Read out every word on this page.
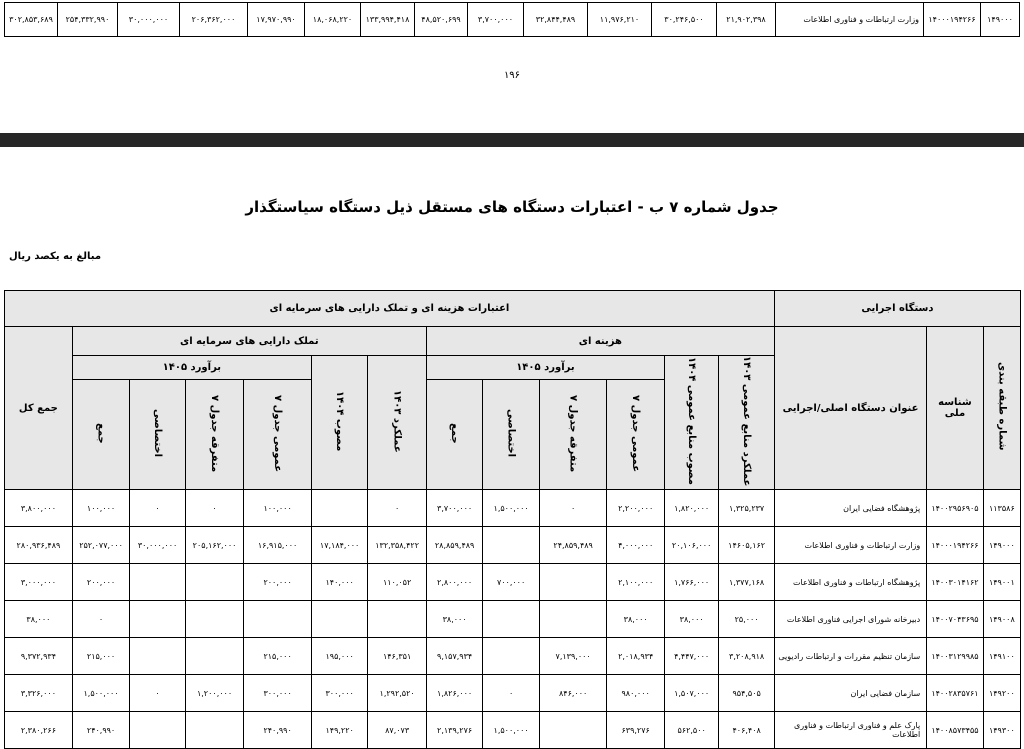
۱۴۹۰۰۰	۱۴۰۰۰۱۹۴۲۶۶	وزارت ارتباطات و فناوری اطلاعات	۲۱,۹۰۲,۳۹۸	۳۰,۲۴۶,۵۰۰	۱۱,۹۷۶,۲۱۰	۳۲,۸۴۴,۴۸۹	۳,۷۰۰,۰۰۰	۴۸,۵۲۰,۶۹۹	۱۳۳,۹۹۴,۴۱۸	۱۸,۰۶۸,۲۲۰	۱۷,۹۷۰,۹۹۰	۲۰۶,۳۶۲,۰۰۰	۳۰,۰۰۰,۰۰۰	۲۵۴,۳۳۲,۹۹۰	۳۰۲,۸۵۳,۶۸۹
۱۹۶
جدول شماره ۷ ب - اعتبارات دستگاه های مستقل ذیل دستگاه سیاستگذار
مبالغ به یکصد ریال
دستگاه اجرایی			اعتبارات هزینه ای و تملک دارایی های سرمایه ای												
شماره طبقه بندی	شناسه ملی	عنوان دستگاه اصلی/اجرایی	هزینه ای						تملک دارایی های سرمایه ای						جمع کل
			عملکرد منابع عمومی ۱۴۰۳	مصوب منابع عمومی ۱۴۰۴	برآورد ۱۴۰۵				عملکرد ۱۴۰۳	مصوب ۱۴۰۴	برآورد ۱۴۰۵				
					عمومی جدول ۷	متفرقه جدول ۷	اختصاصی	جمع			عمومی جدول ۷	متفرقه جدول ۷	اختصاصی	جمع	
۱۱۳۵۸۶	۱۴۰۰۲۹۵۶۹۰۵	پژوهشگاه فضایی ایران	۱,۳۲۵,۲۳۷	۱,۸۲۰,۰۰۰	۲,۲۰۰,۰۰۰	۰	۱,۵۰۰,۰۰۰	۳,۷۰۰,۰۰۰	۰		۱۰۰,۰۰۰	۰	۰	۱۰۰,۰۰۰	۳,۸۰۰,۰۰۰
۱۴۹۰۰۰	۱۴۰۰۰۱۹۴۲۶۶	وزارت ارتباطات و فناوری اطلاعات	۱۴۶۰۵,۱۶۲	۲۰,۱۰۶,۰۰۰	۴,۰۰۰,۰۰۰	۲۴,۸۵۹,۴۸۹		۲۸,۸۵۹,۴۸۹	۱۳۲,۳۵۸,۴۲۲	۱۷,۱۸۴,۰۰۰	۱۶,۹۱۵,۰۰۰	۲۰۵,۱۶۲,۰۰۰	۳۰,۰۰۰,۰۰۰	۲۵۲,۰۷۷,۰۰۰	۲۸۰,۹۳۶,۴۸۹
۱۴۹۰۰۱	۱۴۰۰۳۰۱۴۱۶۲	پژوهشگاه ارتباطات و فناوری اطلاعات	۱,۳۷۷,۱۶۸	۱,۷۶۶,۰۰۰	۲,۱۰۰,۰۰۰		۷۰۰,۰۰۰	۲,۸۰۰,۰۰۰	۱۱۰,۰۵۲	۱۴۰,۰۰۰	۲۰۰,۰۰۰			۲۰۰,۰۰۰	۳,۰۰۰,۰۰۰
۱۴۹۰۰۸	۱۴۰۰۷۰۴۳۶۹۵	دبیرخانه شورای اجرایی فناوری اطلاعات	۲۵,۰۰۰	۳۸,۰۰۰	۳۸,۰۰۰			۳۸,۰۰۰						۰	۳۸,۰۰۰
۱۴۹۱۰۰	۱۴۰۰۳۱۲۹۹۸۵	سازمان تنظیم مقررات و ارتباطات رادیویی	۳,۲۰۸,۹۱۸	۴,۴۴۷,۰۰۰	۲,۰۱۸,۹۳۴	۷,۱۳۹,۰۰۰		۹,۱۵۷,۹۳۴	۱۴۶,۳۵۱	۱۹۵,۰۰۰	۲۱۵,۰۰۰			۲۱۵,۰۰۰	۹,۳۷۲,۹۳۴
۱۴۹۲۰۰	۱۴۰۰۲۸۳۵۷۶۱	سازمان فضایی ایران	۹۵۴,۵۰۵	۱,۵۰۷,۰۰۰	۹۸۰,۰۰۰	۸۴۶,۰۰۰	۰	۱,۸۲۶,۰۰۰	۱,۲۹۲,۵۲۰	۳۰۰,۰۰۰	۳۰۰,۰۰۰	۱,۲۰۰,۰۰۰	۰	۱,۵۰۰,۰۰۰	۳,۳۲۶,۰۰۰
۱۴۹۳۰۰	۱۴۰۰۸۵۷۳۴۵۵	پارک علم و فناوری ارتباطات و فناوری اطلاعات	۴۰۶,۴۰۸	۵۶۲,۵۰۰	۶۳۹,۲۷۶		۱,۵۰۰,۰۰۰	۲,۱۳۹,۲۷۶	۸۷,۰۷۳	۱۴۹,۲۲۰	۲۴۰,۹۹۰			۲۴۰,۹۹۰	۲,۳۸۰,۲۶۶
